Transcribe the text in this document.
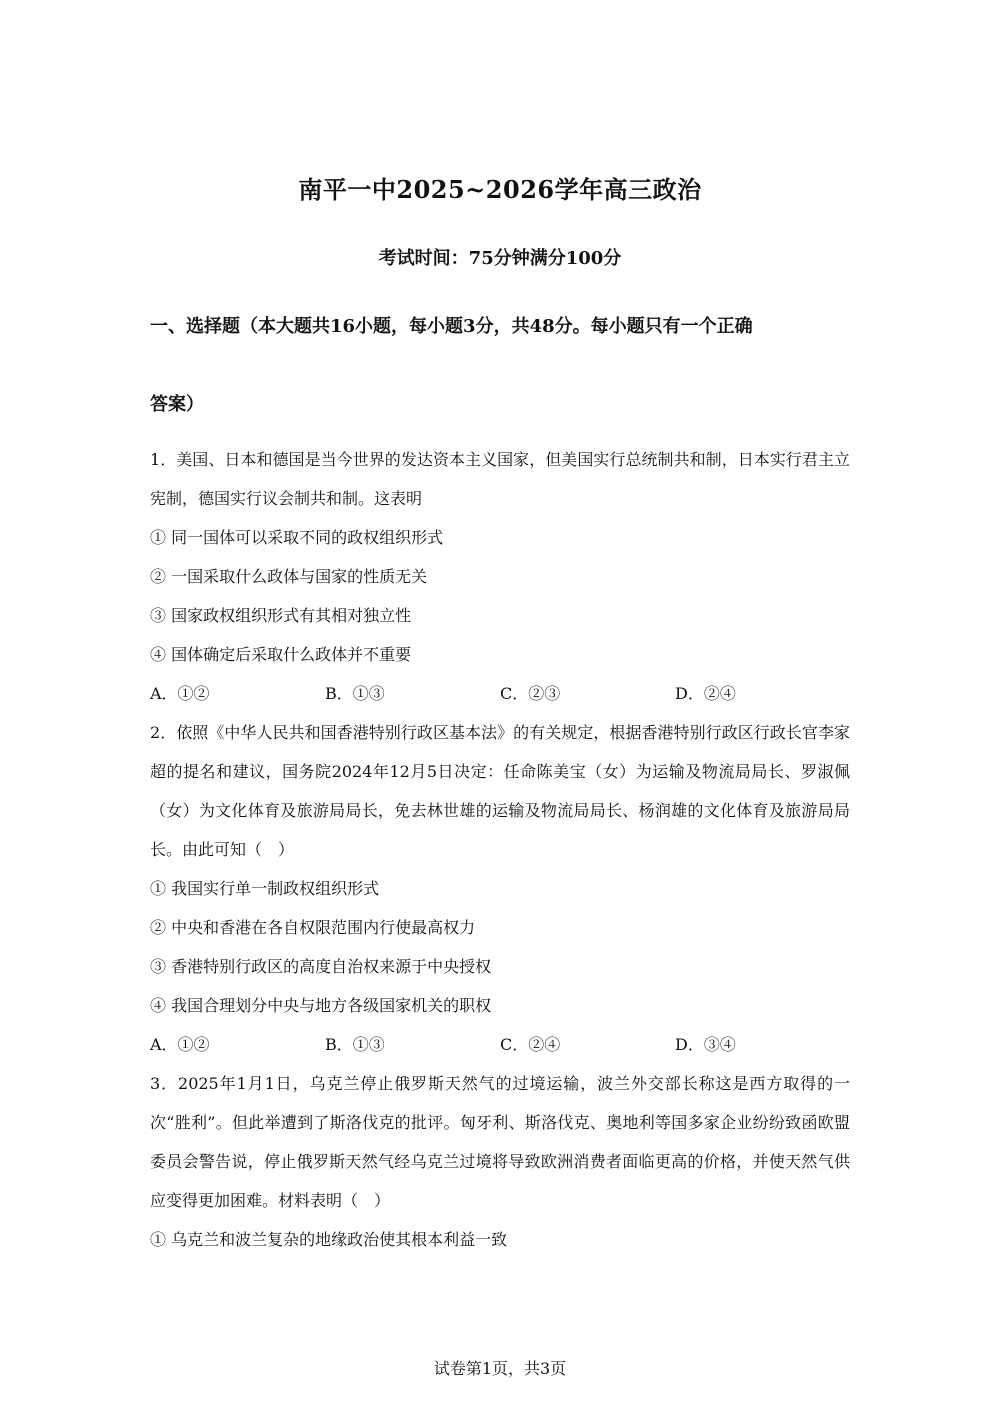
南平一中2025~2026学年高三政治
考试时间：75分钟满分100分
一、选择题（本大题共16小题，每小题3分，共48分。每小题只有一个正确
答案）
1．美国、日本和德国是当今世界的发达资本主义国家，但美国实行总统制共和制，日本实行君主立宪制，德国实行议会制共和制。这表明
① 同一国体可以采取不同的政权组织形式
② 一国采取什么政体与国家的性质无关
③ 国家政权组织形式有其相对独立性
④ 国体确定后采取什么政体并不重要
A．①②	B．①③	C．②③	D．②④
2．依照《中华人民共和国香港特别行政区基本法》的有关规定，根据香港特别行政区行政长官李家超的提名和建议，国务院2024年12月5日决定：任命陈美宝（女）为运输及物流局局长、罗淑佩（女）为文化体育及旅游局局长，免去林世雄的运输及物流局局长、杨润雄的文化体育及旅游局局长。由此可知（　）
① 我国实行单一制政权组织形式
② 中央和香港在各自权限范围内行使最高权力
③ 香港特别行政区的高度自治权来源于中央授权
④ 我国合理划分中央与地方各级国家机关的职权
A．①②	B．①③	C．②④	D．③④
3．2025年1月1日，乌克兰停止俄罗斯天然气的过境运输，波兰外交部长称这是西方取得的一次“胜利”。但此举遭到了斯洛伐克的批评。匈牙利、斯洛伐克、奥地利等国多家企业纷纷致函欧盟委员会警告说，停止俄罗斯天然气经乌克兰过境将导致欧洲消费者面临更高的价格，并使天然气供应变得更加困难。材料表明（　）
① 乌克兰和波兰复杂的地缘政治使其根本利益一致
试卷第1页，共3页
